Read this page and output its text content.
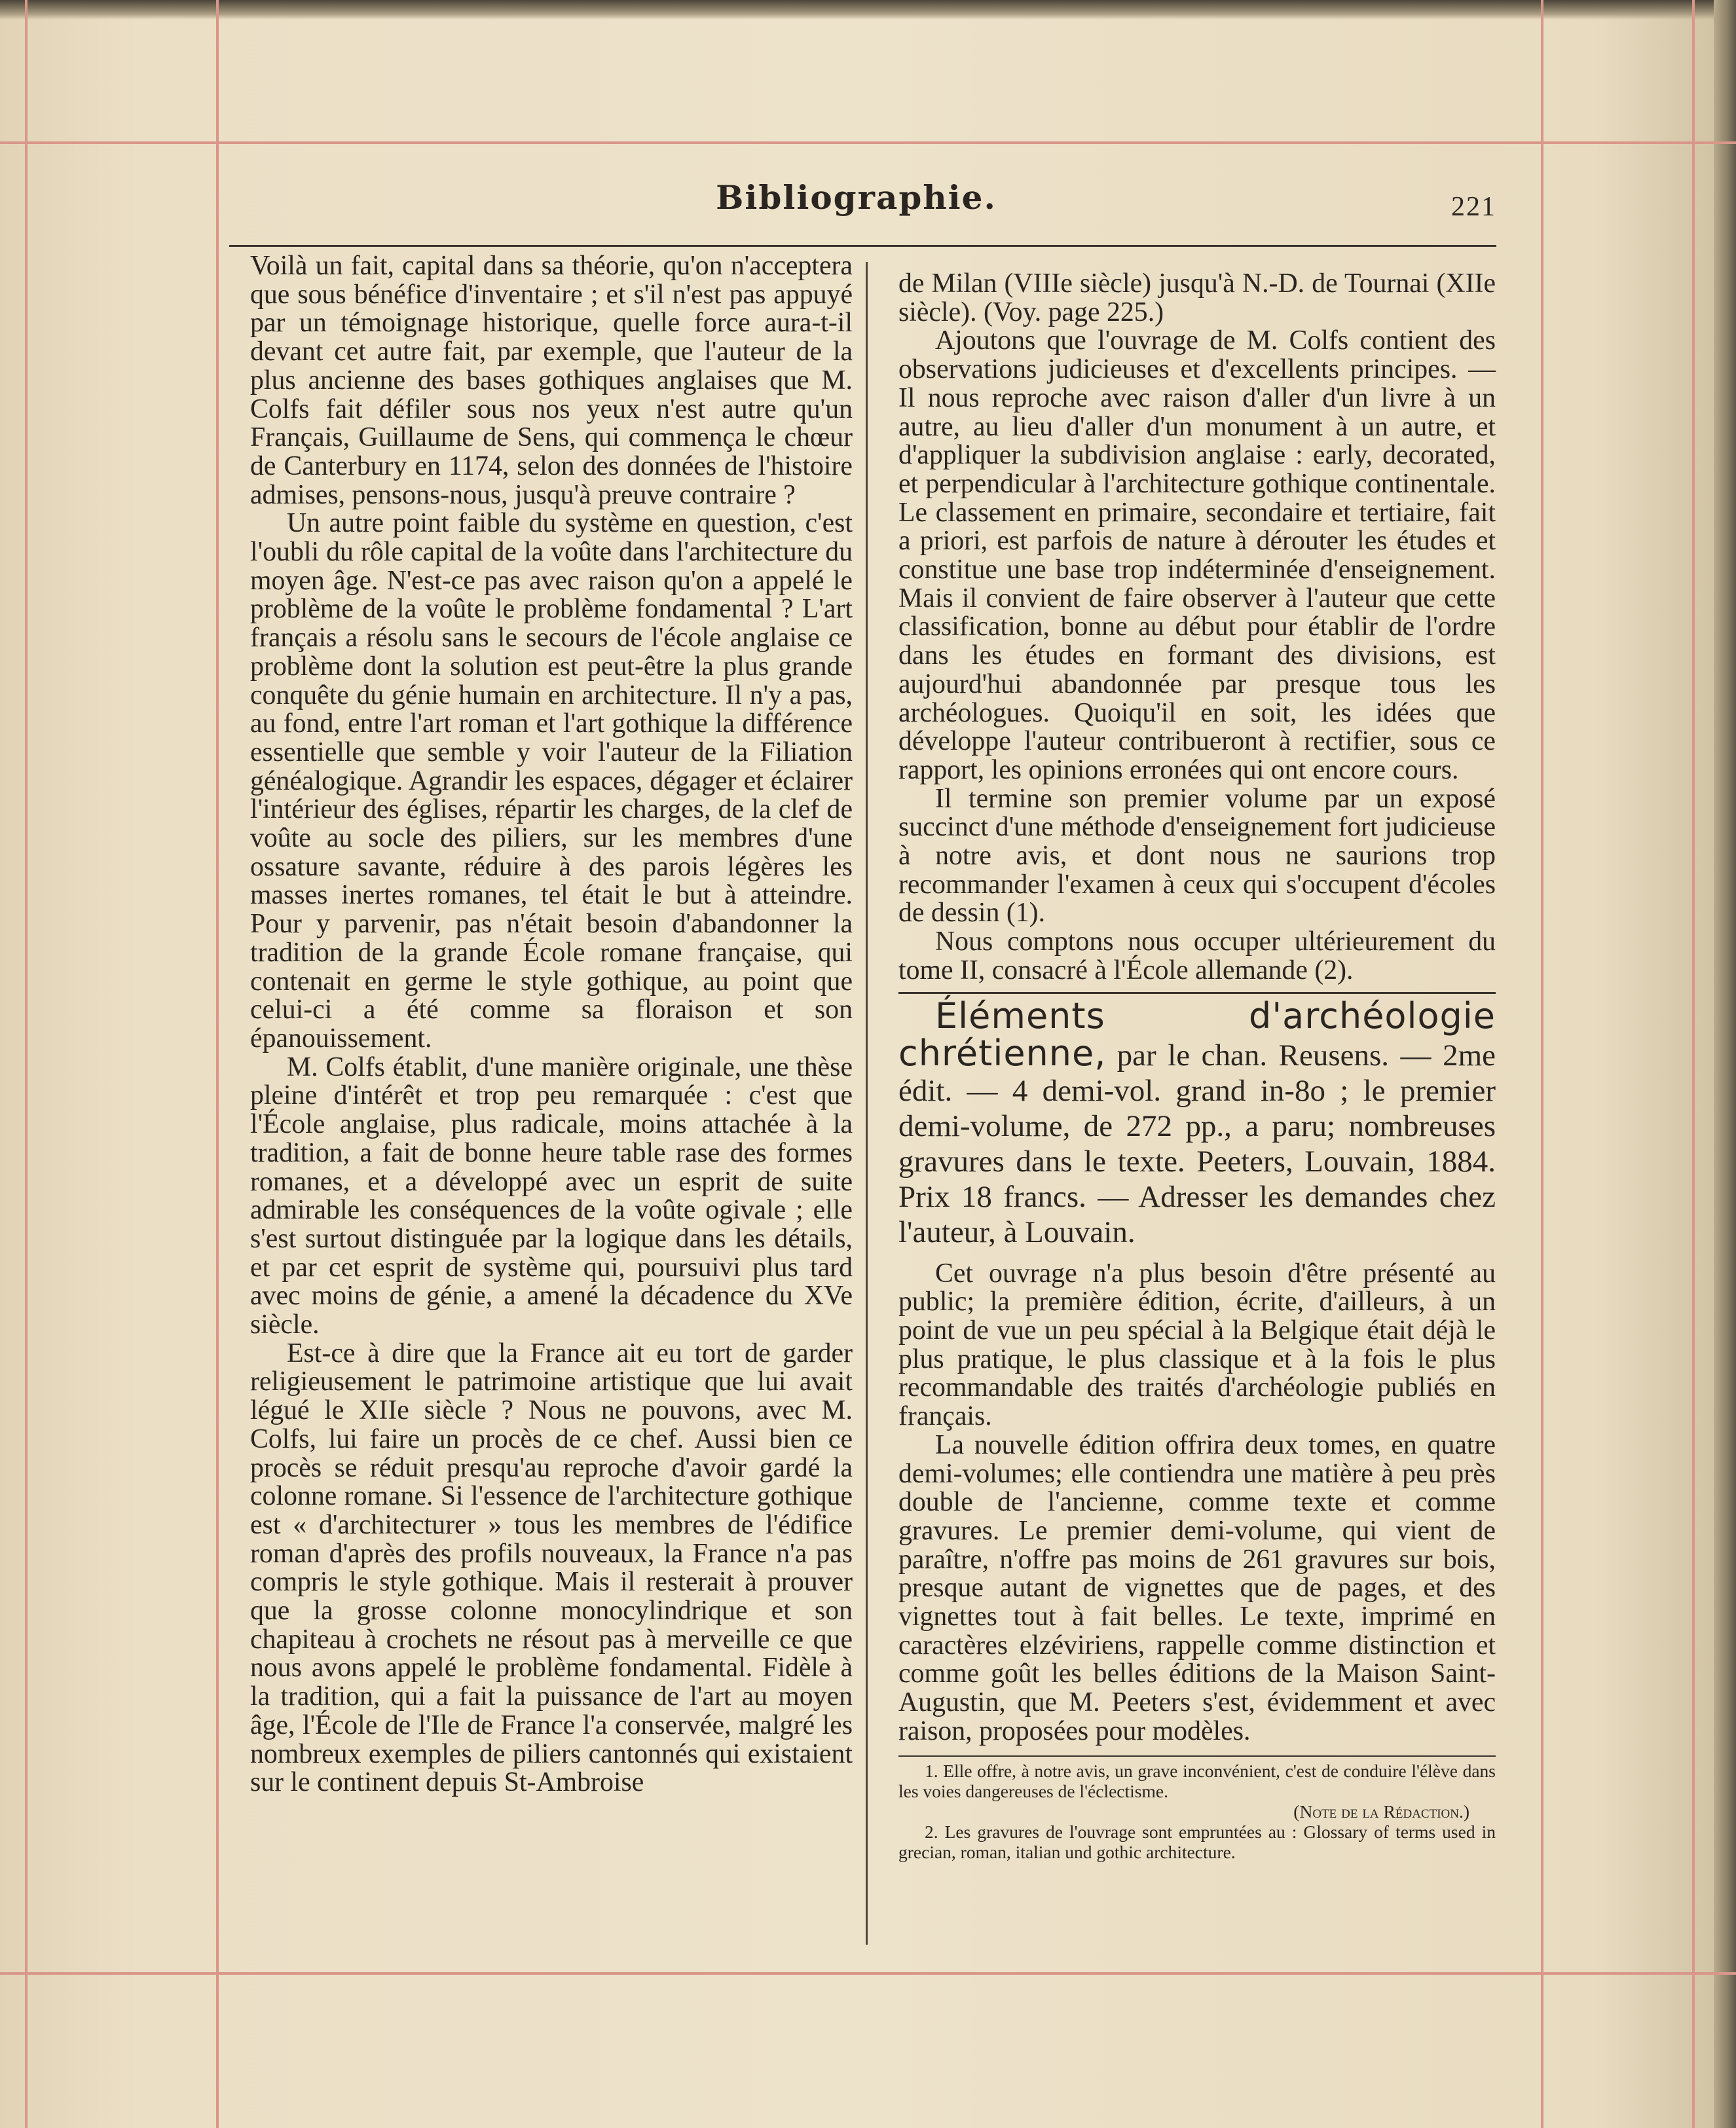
Bibliographie.	221

Voilà un fait, capital dans sa théorie, qu'on n'acceptera que sous bénéfice d'inventaire ; et s'il n'est pas appuyé par un témoignage historique, quelle force aura-t-il devant cet autre fait, par exemple, que l'auteur de la plus ancienne des bases gothiques anglaises que M. Colfs fait défiler sous nos yeux n'est autre qu'un Français, Guillaume de Sens, qui commença le chœur de Canterbury en 1174, selon des données de l'histoire admises, pensons-nous, jusqu'à preuve contraire ?

Un autre point faible du système en question, c'est l'oubli du rôle capital de la voûte dans l'architecture du moyen âge. N'est-ce pas avec raison qu'on a appelé le problème de la voûte le problème fondamental ? L'art français a résolu sans le secours de l'école anglaise ce problème dont la solution est peut-être la plus grande conquête du génie humain en architecture. Il n'y a pas, au fond, entre l'art roman et l'art gothique la différence essentielle que semble y voir l'auteur de la Filiation généalogique. Agrandir les espaces, dégager et éclairer l'intérieur des églises, répartir les charges, de la clef de voûte au socle des piliers, sur les membres d'une ossature savante, réduire à des parois légères les masses inertes romanes, tel était le but à atteindre. Pour y parvenir, pas n'était besoin d'abandonner la tradition de la grande École romane française, qui contenait en germe le style gothique, au point que celui-ci a été comme sa floraison et son épanouissement.

M. Colfs établit, d'une manière originale, une thèse pleine d'intérêt et trop peu remarquée : c'est que l'École anglaise, plus radicale, moins attachée à la tradition, a fait de bonne heure table rase des formes romanes, et a développé avec un esprit de suite admirable les conséquences de la voûte ogivale ; elle s'est surtout distinguée par la logique dans les détails, et par cet esprit de système qui, poursuivi plus tard avec moins de génie, a amené la décadence du XVe siècle.

Est-ce à dire que la France ait eu tort de garder religieusement le patrimoine artistique que lui avait légué le XIIe siècle ? Nous ne pouvons, avec M. Colfs, lui faire un procès de ce chef. Aussi bien ce procès se réduit presqu'au reproche d'avoir gardé la colonne romane. Si l'essence de l'architecture gothique est « d'architecturer » tous les membres de l'édifice roman d'après des profils nouveaux, la France n'a pas compris le style gothique. Mais il resterait à prouver que la grosse colonne monocylindrique et son chapiteau à crochets ne résout pas à merveille ce que nous avons appelé le problème fondamental. Fidèle à la tradition, qui a fait la puissance de l'art au moyen âge, l'École de l'Ile de France l'a conservée, malgré les nombreux exemples de piliers cantonnés qui existaient sur le continent depuis St-Ambroise

de Milan (VIIIe siècle) jusqu'à N.-D. de Tournai (XIIe siècle). (Voy. page 225.)

Ajoutons que l'ouvrage de M. Colfs contient des observations judicieuses et d'excellents principes. — Il nous reproche avec raison d'aller d'un livre à un autre, au lieu d'aller d'un monument à un autre, et d'appliquer la subdivision anglaise : early, decorated, et perpendicular à l'architecture gothique continentale. Le classement en primaire, secondaire et tertiaire, fait a priori, est parfois de nature à dérouter les études et constitue une base trop indéterminée d'enseignement. Mais il convient de faire observer à l'auteur que cette classification, bonne au début pour établir de l'ordre dans les études en formant des divisions, est aujourd'hui abandonnée par presque tous les archéologues. Quoiqu'il en soit, les idées que développe l'auteur contribueront à rectifier, sous ce rapport, les opinions erronées qui ont encore cours.

Il termine son premier volume par un exposé succinct d'une méthode d'enseignement fort judicieuse à notre avis, et dont nous ne saurions trop recommander l'examen à ceux qui s'occupent d'écoles de dessin (1).

Nous comptons nous occuper ultérieurement du tome II, consacré à l'École allemande (2).

Éléments d'archéologie chrétienne, par le chan. Reusens. — 2me édit. — 4 demi-vol. grand in-8o ; le premier demi-volume, de 272 pp., a paru; nombreuses gravures dans le texte. Peeters, Louvain, 1884. Prix 18 francs. — Adresser les demandes chez l'auteur, à Louvain.

Cet ouvrage n'a plus besoin d'être présenté au public; la première édition, écrite, d'ailleurs, à un point de vue un peu spécial à la Belgique était déjà le plus pratique, le plus classique et à la fois le plus recommandable des traités d'archéologie publiés en français.

La nouvelle édition offrira deux tomes, en quatre demi-volumes; elle contiendra une matière à peu près double de l'ancienne, comme texte et comme gravures. Le premier demi-volume, qui vient de paraître, n'offre pas moins de 261 gravures sur bois, presque autant de vignettes que de pages, et des vignettes tout à fait belles. Le texte, imprimé en caractères elzéviriens, rappelle comme distinction et comme goût les belles éditions de la Maison Saint-Augustin, que M. Peeters s'est, évidemment et avec raison, proposées pour modèles.

1. Elle offre, à notre avis, un grave inconvénient, c'est de conduire l'élève dans les voies dangereuses de l'éclectisme.

(Note de la Rédaction.)

2. Les gravures de l'ouvrage sont empruntées au : Glossary of terms used in grecian, roman, italian und gothic architecture.
